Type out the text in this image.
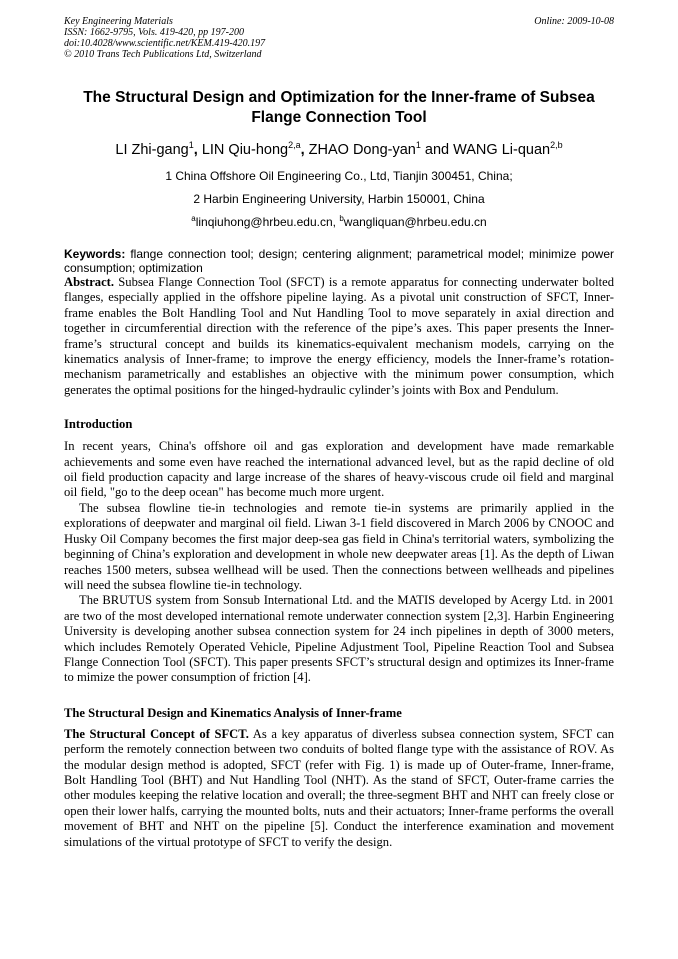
Key Engineering Materials
ISSN: 1662-9795, Vols. 419-420, pp 197-200
doi:10.4028/www.scientific.net/KEM.419-420.197
© 2010 Trans Tech Publications Ltd, Switzerland
Online: 2009-10-08
The Structural Design and Optimization for the Inner-frame of Subsea Flange Connection Tool
LI Zhi-gang$^1$, LIN Qiu-hong$^{2,a}$, ZHAO Dong-yan$^1$ and WANG Li-quan$^{2,b}$
1 China Offshore Oil Engineering Co., Ltd, Tianjin 300451, China;
2 Harbin Engineering University, Harbin 150001, China
$^a$linqiuhong@hrbeu.edu.cn, $^b$wangliquan@hrbeu.edu.cn
Keywords: flange connection tool; design; centering alignment; parametrical model; minimize power consumption; optimization

Abstract. Subsea Flange Connection Tool (SFCT) is a remote apparatus for connecting underwater bolted flanges, especially applied in the offshore pipeline laying. As a pivotal unit construction of SFCT, Inner-frame enables the Bolt Handling Tool and Nut Handling Tool to move separately in axial direction and together in circumferential direction with the reference of the pipe’s axes. This paper presents the Inner-frame’s structural concept and builds its kinematics-equivalent mechanism models, carrying on the kinematics analysis of Inner-frame; to improve the energy efficiency, models the Inner-frame’s rotation-mechanism parametrically and establishes an objective with the minimum power consumption, which generates the optimal positions for the hinged-hydraulic cylinder’s joints with Box and Pendulum.

Introduction

In recent years, China's offshore oil and gas exploration and development have made remarkable achievements and some even have reached the international advanced level, but as the rapid decline of old oil field production capacity and large increase of the shares of heavy-viscous crude oil field and marginal oil field, "go to the deep ocean" has become much more urgent.

The subsea flowline tie-in technologies and remote tie-in systems are primarily applied in the explorations of deepwater and marginal oil field. Liwan 3-1 field discovered in March 2006 by CNOOC and Husky Oil Company becomes the first major deep-sea gas field in China's territorial waters, symbolizing the beginning of China’s exploration and development in whole new deepwater areas [1]. As the depth of Liwan reaches 1500 meters, subsea wellhead will be used. Then the connections between wellheads and pipelines will need the subsea flowline tie-in technology.

The BRUTUS system from Sonsub International Ltd. and the MATIS developed by Acergy Ltd. in 2001 are two of the most developed international remote underwater connection system [2,3]. Harbin Engineering University is developing another subsea connection system for 24 inch pipelines in depth of 3000 meters, which includes Remotely Operated Vehicle, Pipeline Adjustment Tool, Pipeline Reaction Tool and Subsea Flange Connection Tool (SFCT). This paper presents SFCT’s structural design and optimizes its Inner-frame to mimize the power consumption of friction [4].

The Structural Design and Kinematics Analysis of Inner-frame

The Structural Concept of SFCT. As a key apparatus of diverless subsea connection system, SFCT can perform the remotely connection between two conduits of bolted flange type with the assistance of ROV. As the modular design method is adopted, SFCT (refer with Fig. 1) is made up of Outer-frame, Inner-frame, Bolt Handling Tool (BHT) and Nut Handling Tool (NHT). As the stand of SFCT, Outer-frame carries the other modules keeping the relative location and overall; the three-segment BHT and NHT can freely close or open their lower halfs, carrying the mounted bolts, nuts and their actuators; Inner-frame performs the overall movement of BHT and NHT on the pipeline [5]. Conduct the interference examination and movement simulations of the virtual prototype of SFCT to verify the design.
